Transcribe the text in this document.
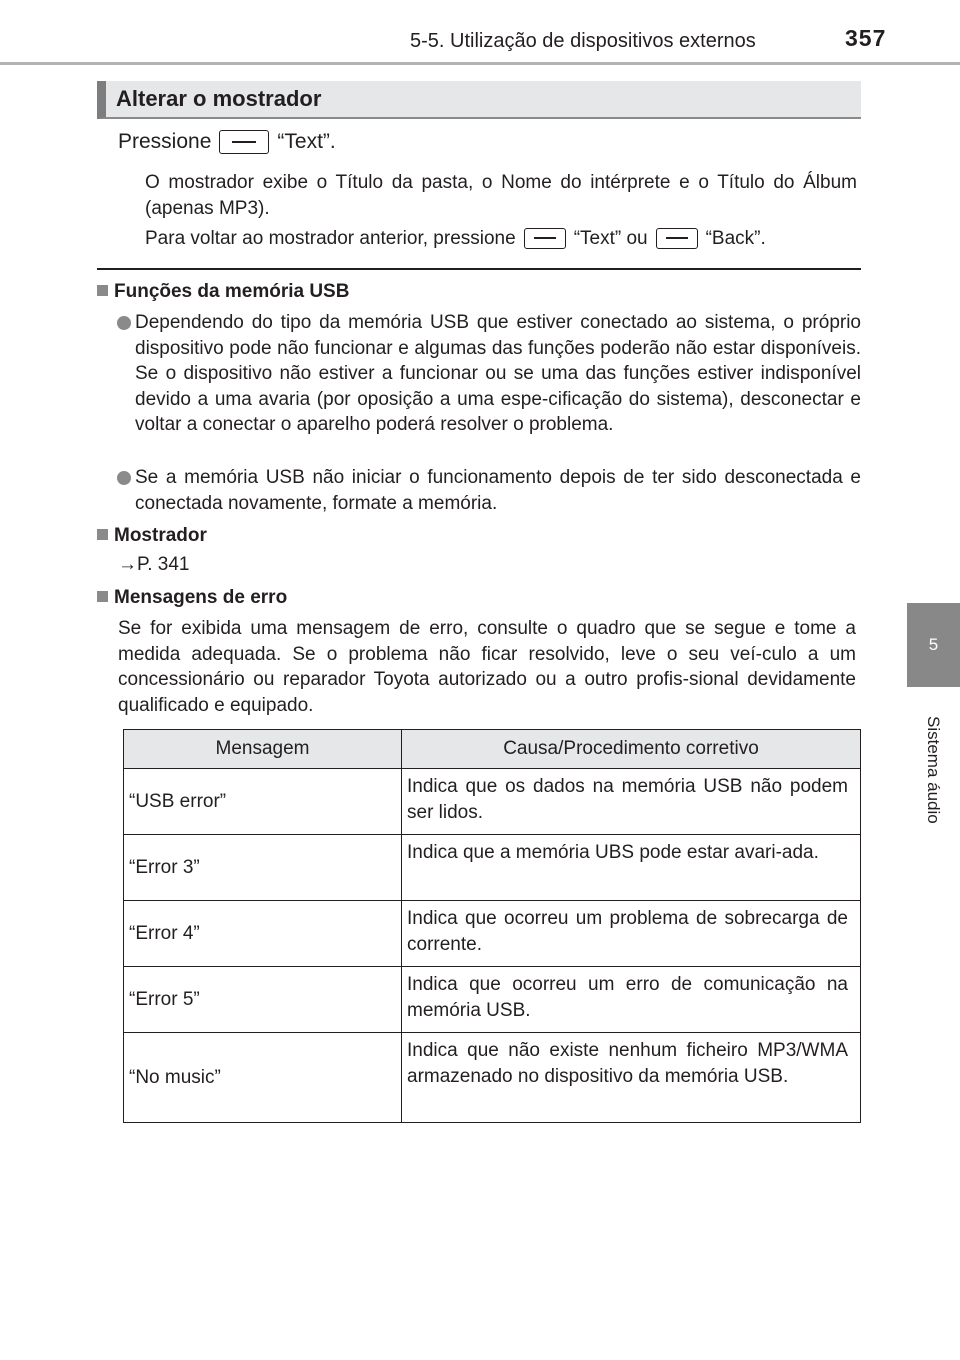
5-5. Utilização de dispositivos externos	357
5
Sistema áudio
Alterar o mostrador
Pressione	“Text”.
O mostrador exibe o Título da pasta, o Nome do intérprete e o Título do Álbum (apenas MP3).
Para voltar ao mostrador anterior, pressione	“Text” ou	“Back”.
Funções da memória USB
Dependendo do tipo da memória USB que estiver conectado ao sistema, o próprio dispositivo pode não funcionar e algumas das funções poderão não estar disponíveis. Se o dispositivo não estiver a funcionar ou se uma das funções estiver indisponível devido a uma avaria (por oposição a uma espe-cificação do sistema), desconectar e voltar a conectar o aparelho poderá resolver o problema.
Se a memória USB não iniciar o funcionamento depois de ter sido desconectada e conectada novamente, formate a memória.
Mostrador
→P. 341
Mensagens de erro
Se for exibida uma mensagem de erro, consulte o quadro que se segue e tome a medida adequada. Se o problema não ficar resolvido, leve o seu veí-culo a um concessionário ou reparador Toyota autorizado ou a outro profis-sional devidamente qualificado e equipado.
Mensagem	Causa/Procedimento corretivo
“USB error”	Indica que os dados na memória USB não podem ser lidos.
“Error 3”	Indica que a memória UBS pode estar avari-ada.
“Error 4”	Indica que ocorreu um problema de sobrecarga de corrente.
“Error 5”	Indica que ocorreu um erro de comunicação na memória USB.
“No music”	Indica que não existe nenhum ficheiro MP3/WMA armazenado no dispositivo da memória USB.
